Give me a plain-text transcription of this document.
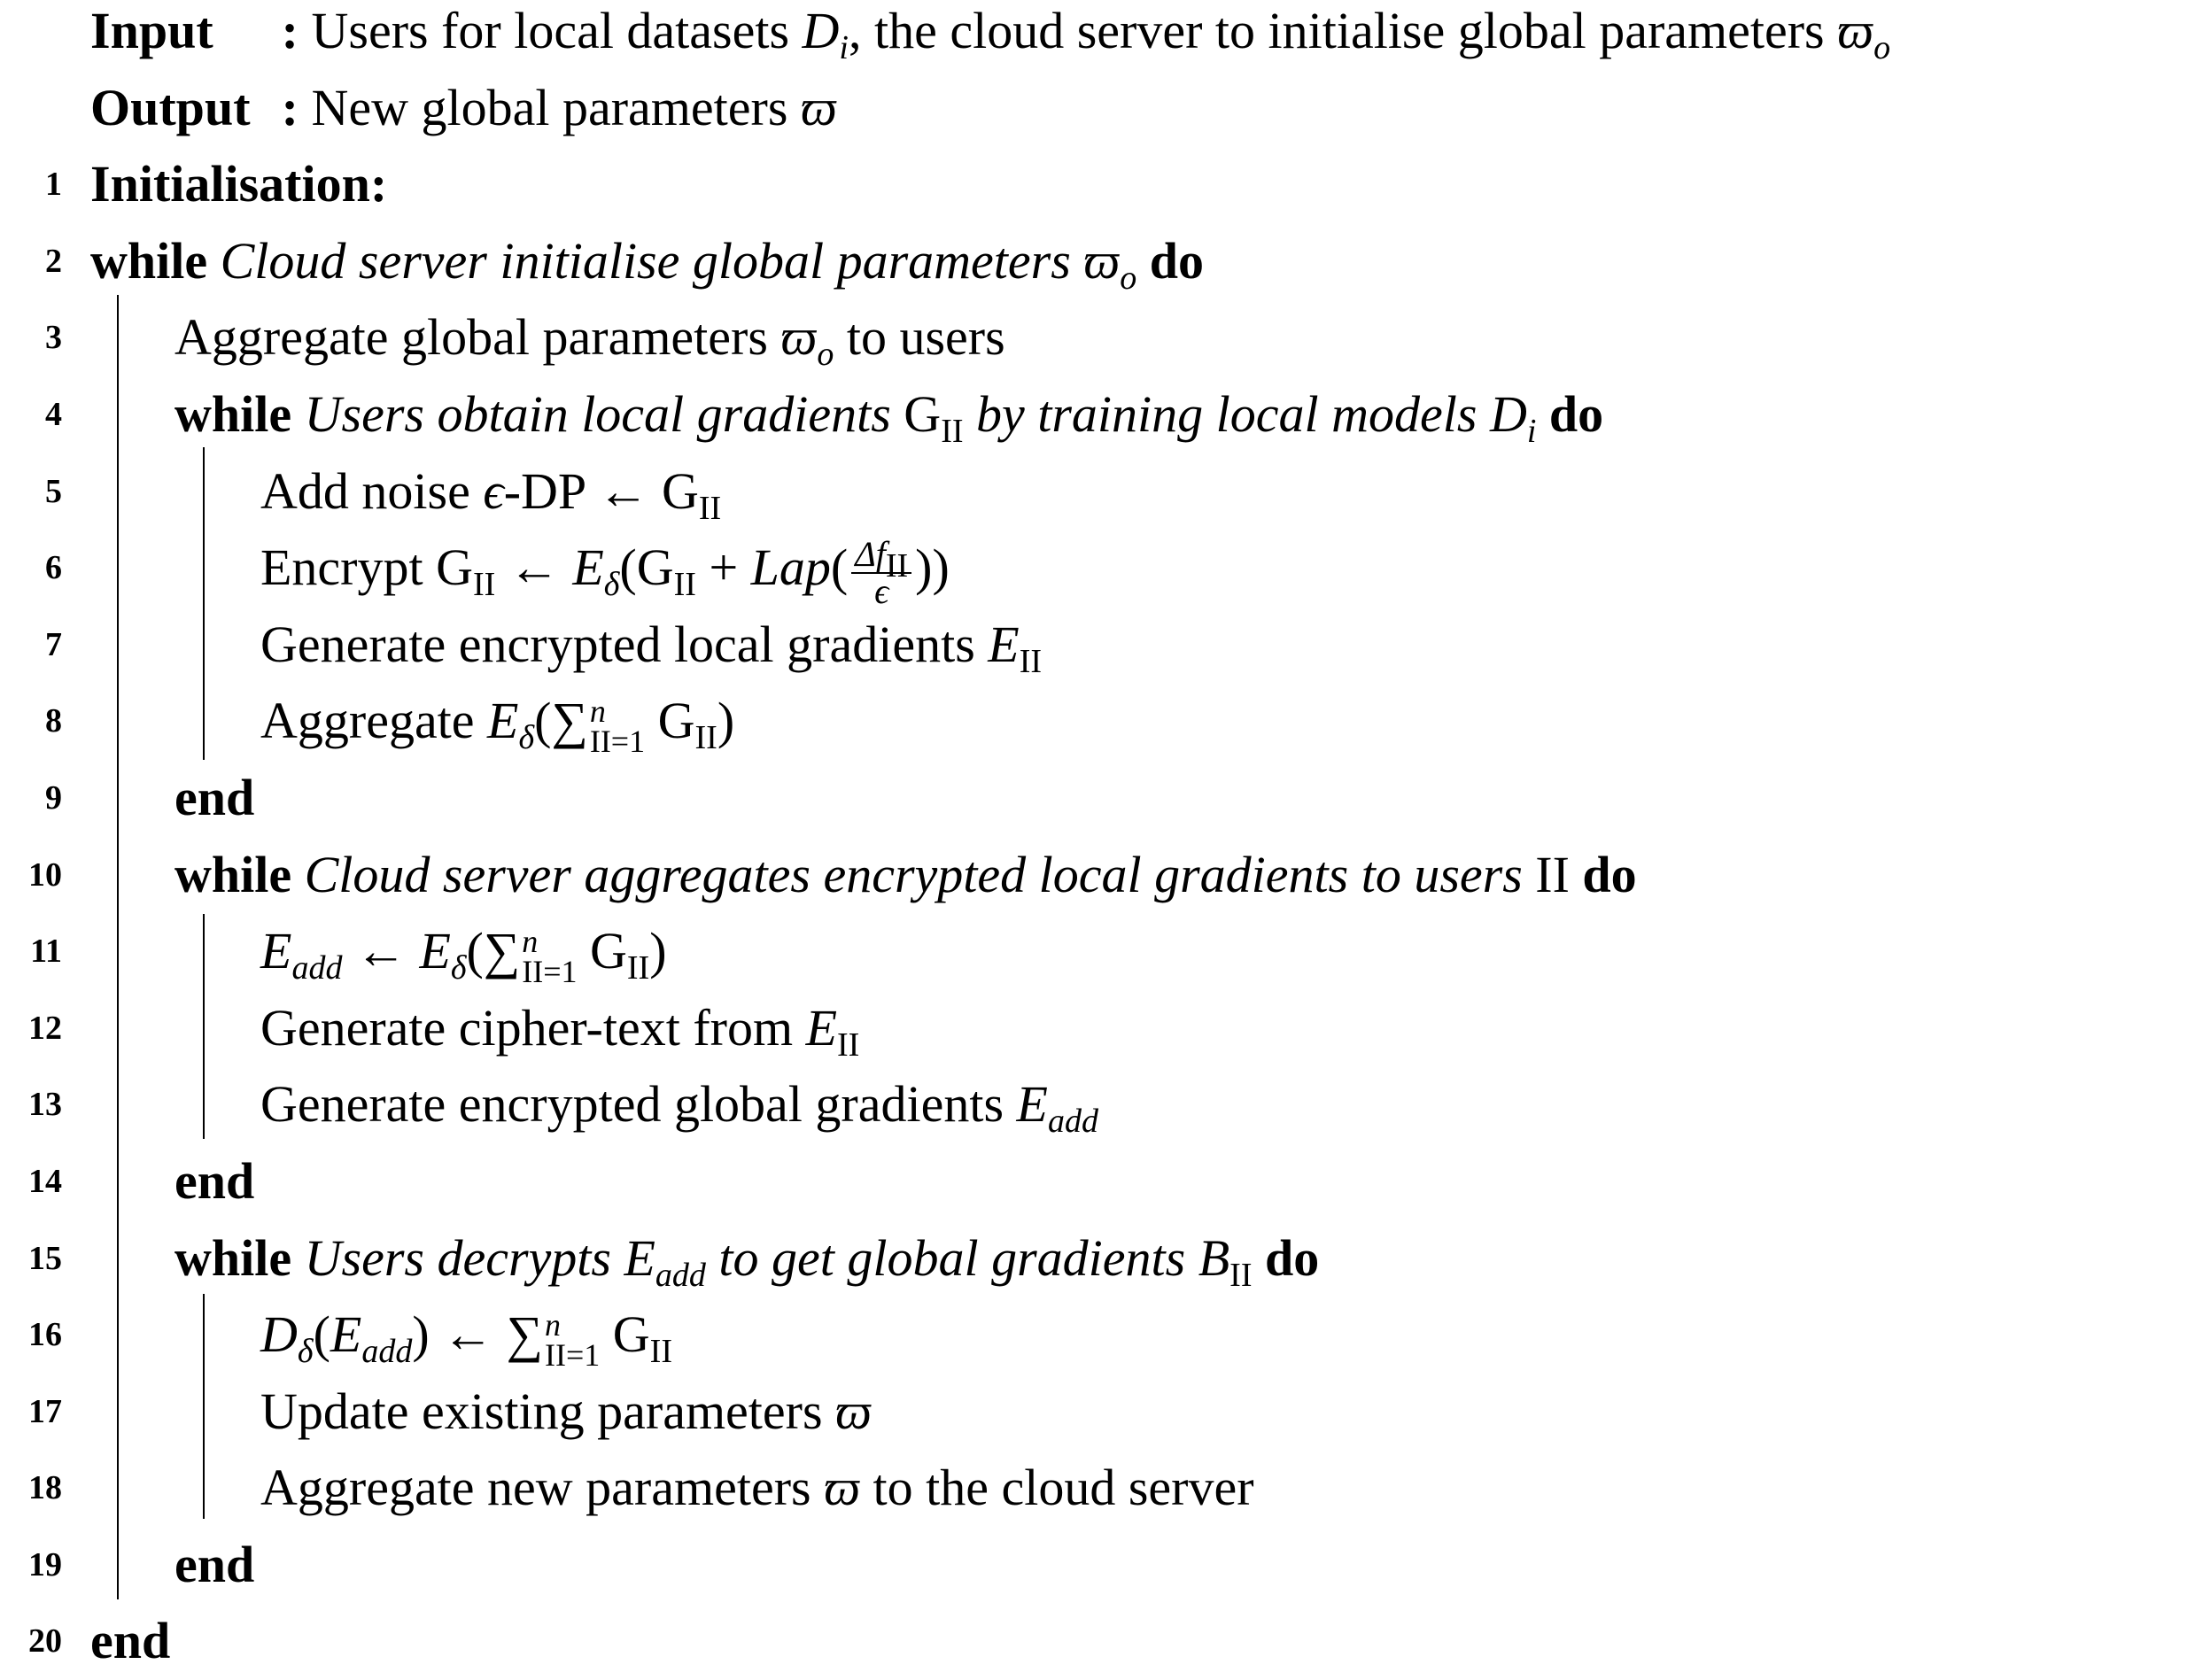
Input : Users for local datasets $D_i$, the cloud server to initialise global parameters $ϖ_o$
Output : New global parameters ϖ
1 Initialisation:
2 while Cloud server initialise global parameters $ϖ_o$ do
3 Aggregate global parameters $ϖ_o$ to users
4 while Users obtain local gradients $G_{II}$ by training local models $D_i$ do
5	Add noise ϵ-DP ← $G_{II}$
6	Encrypt $G_{II}$ ← $E_\delta(G_{II} + Lap( \frac{\text{ΔfII}}{\epsilon}$ ))
7	Generate encrypted local gradients $E_{II}$
8	Aggregate $E_\delta(\sum$ n
II=1 $G_{II}$)
9 end
10 while Cloud server aggregates encrypted local gradients to users II do
11	$E_{add}$ ← $E_\delta(\sum$ n
II=1 $G_{II}$)
12	Generate cipher-text from $E_{II}$
13	Generate encrypted global gradients $E_{add}$
14 end
15 while Users decrypts $E_{add}$ to get global gradients $B_{II}$ do
16	$D_\delta(E_{add})$ ← ∑ n
II=1 $G_{II}$
17	Update existing parameters ϖ
18	Aggregate new parameters ϖ to the cloud server
19 end
20 end
